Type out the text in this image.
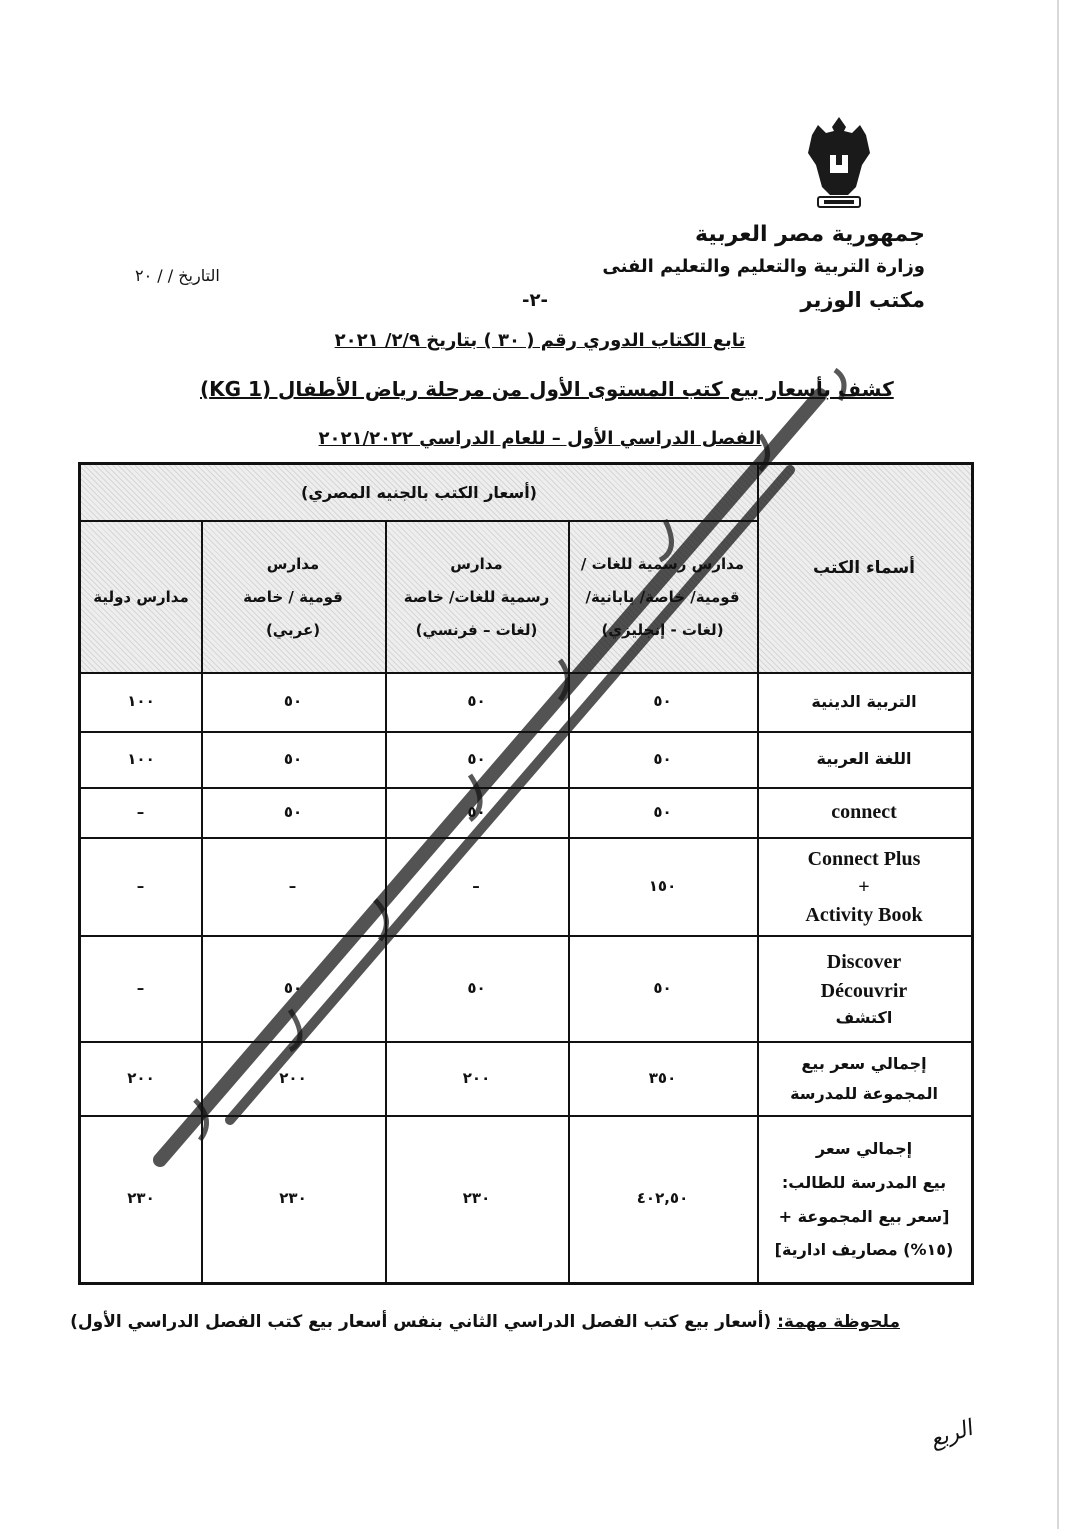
جمهورية مصر العربية
وزارة التربية والتعليم والتعليم الفنى
مكتب الوزير
التاريخ / / ٢٠
-٢-
تابع الكتاب الدوري رقم ( ٣٠ ) بتاريخ ٢/٩/ ٢٠٢١
كشف بأسعار بيع كتب المستوى الأول من مرحلة رياض الأطفال (KG 1)
الفصل الدراسي الأول – للعام الدراسي ٢٠٢١/٢٠٢٢
أسماء الكتب
(أسعار الكتب بالجنيه المصري)
مدارس رسمية للغات /
قومية/ خاصة/ يابانية/
(لغات - إنجليزي)
مدارس
رسمية للغات/ خاصة
(لغات – فرنسي)
مدارس
قومية / خاصة
(عربي)
مدارس دولية
التربية الدينية
٥٠
٥٠
٥٠
١٠٠
اللغة العربية
٥٠
٥٠
٥٠
١٠٠
connect
٥٠
٥٠
٥٠
–
Connect Plus
+
Activity Book
١٥٠
–
–
–
Discover
Découvrir
اكتشف
٥٠
٥٠
٥٠
–
إجمالي سعر بيع
المجموعة للمدرسة
٣٥٠
٢٠٠
٢٠٠
٢٠٠
إجمالي سعر
بيع المدرسة للطالب:
[سعر بيع المجموعة +
(١٥%) مصاريف ادارية]
٤٠٢,٥٠
٢٣٠
٢٣٠
٢٣٠
ملحوظة مهمة: (أسعار بيع كتب الفصل الدراسي الثاني بنفس أسعار بيع كتب الفصل الدراسي الأول)
الربع
